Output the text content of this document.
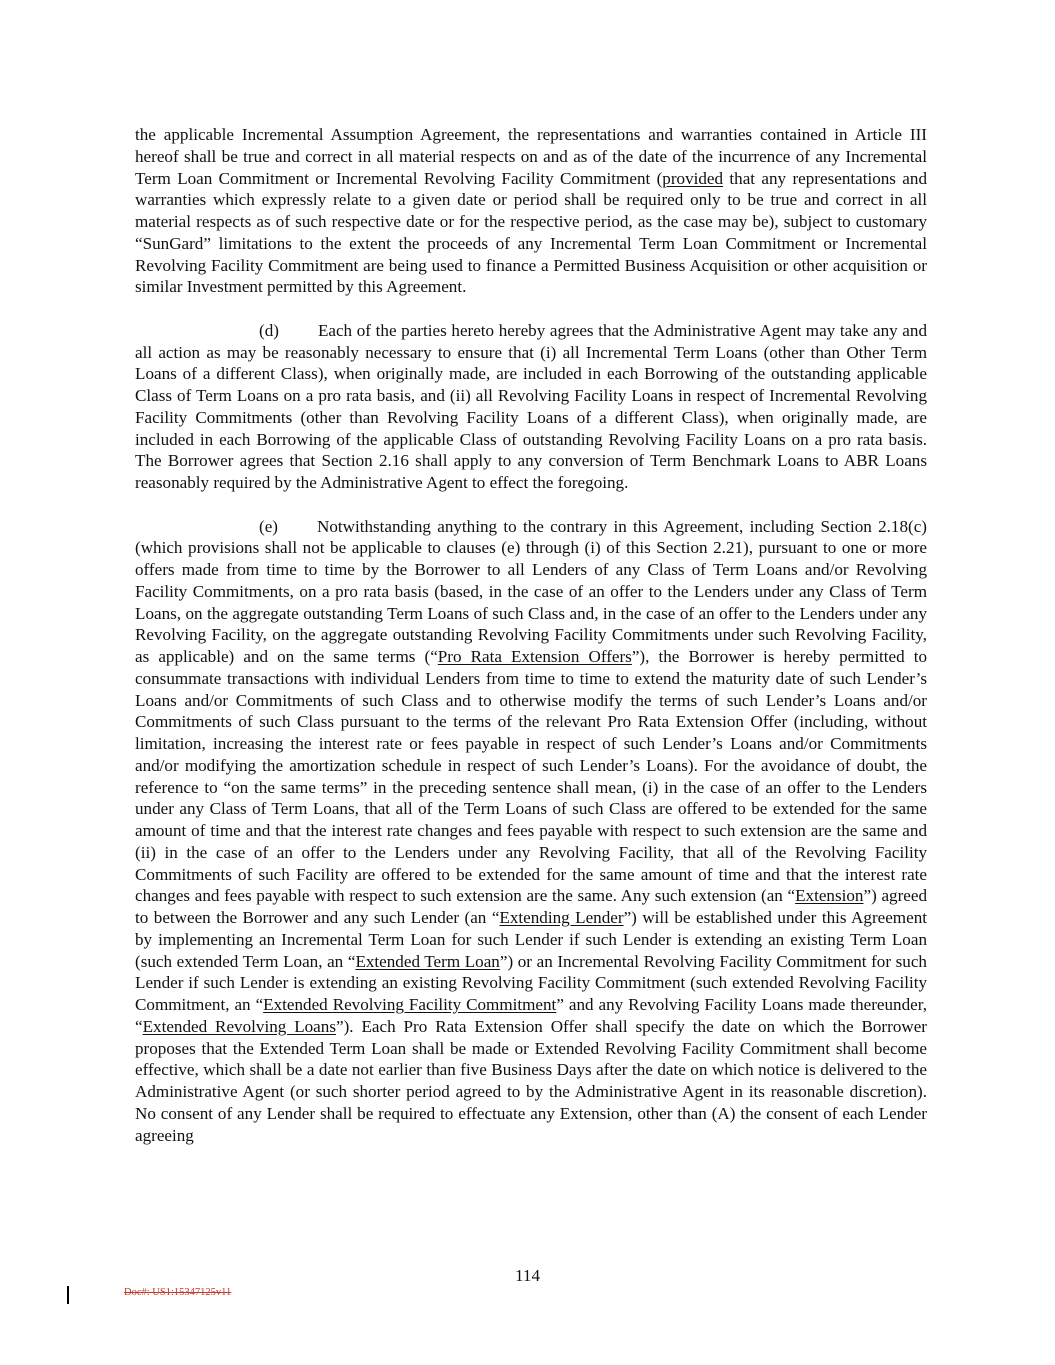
the applicable Incremental Assumption Agreement, the representations and warranties contained in Article III hereof shall be true and correct in all material respects on and as of the date of the incurrence of any Incremental Term Loan Commitment or Incremental Revolving Facility Commitment (provided that any representations and warranties which expressly relate to a given date or period shall be required only to be true and correct in all material respects as of such respective date or for the respective period, as the case may be), subject to customary “SunGard” limitations to the extent the proceeds of any Incremental Term Loan Commitment or Incremental Revolving Facility Commitment are being used to finance a Permitted Business Acquisition or other acquisition or similar Investment permitted by this Agreement.

(d) Each of the parties hereto hereby agrees that the Administrative Agent may take any and all action as may be reasonably necessary to ensure that (i) all Incremental Term Loans (other than Other Term Loans of a different Class), when originally made, are included in each Borrowing of the outstanding applicable Class of Term Loans on a pro rata basis, and (ii) all Revolving Facility Loans in respect of Incremental Revolving Facility Commitments (other than Revolving Facility Loans of a different Class), when originally made, are included in each Borrowing of the applicable Class of outstanding Revolving Facility Loans on a pro rata basis. The Borrower agrees that Section 2.16 shall apply to any conversion of Term Benchmark Loans to ABR Loans reasonably required by the Administrative Agent to effect the foregoing.

(e) Notwithstanding anything to the contrary in this Agreement, including Section 2.18(c) (which provisions shall not be applicable to clauses (e) through (i) of this Section 2.21), pursuant to one or more offers made from time to time by the Borrower to all Lenders of any Class of Term Loans and/or Revolving Facility Commitments, on a pro rata basis (based, in the case of an offer to the Lenders under any Class of Term Loans, on the aggregate outstanding Term Loans of such Class and, in the case of an offer to the Lenders under any Revolving Facility, on the aggregate outstanding Revolving Facility Commitments under such Revolving Facility, as applicable) and on the same terms (“Pro Rata Extension Offers”), the Borrower is hereby permitted to consummate transactions with individual Lenders from time to time to extend the maturity date of such Lender’s Loans and/or Commitments of such Class and to otherwise modify the terms of such Lender’s Loans and/or Commitments of such Class pursuant to the terms of the relevant Pro Rata Extension Offer (including, without limitation, increasing the interest rate or fees payable in respect of such Lender’s Loans and/or Commitments and/or modifying the amortization schedule in respect of such Lender’s Loans). For the avoidance of doubt, the reference to “on the same terms” in the preceding sentence shall mean, (i) in the case of an offer to the Lenders under any Class of Term Loans, that all of the Term Loans of such Class are offered to be extended for the same amount of time and that the interest rate changes and fees payable with respect to such extension are the same and (ii) in the case of an offer to the Lenders under any Revolving Facility, that all of the Revolving Facility Commitments of such Facility are offered to be extended for the same amount of time and that the interest rate changes and fees payable with respect to such extension are the same. Any such extension (an “Extension”) agreed to between the Borrower and any such Lender (an “Extending Lender”) will be established under this Agreement by implementing an Incremental Term Loan for such Lender if such Lender is extending an existing Term Loan (such extended Term Loan, an “Extended Term Loan”) or an Incremental Revolving Facility Commitment for such Lender if such Lender is extending an existing Revolving Facility Commitment (such extended Revolving Facility Commitment, an “Extended Revolving Facility Commitment” and any Revolving Facility Loans made thereunder, “Extended Revolving Loans”). Each Pro Rata Extension Offer shall specify the date on which the Borrower proposes that the Extended Term Loan shall be made or Extended Revolving Facility Commitment shall become effective, which shall be a date not earlier than five Business Days after the date on which notice is delivered to the Administrative Agent (or such shorter period agreed to by the Administrative Agent in its reasonable discretion). No consent of any Lender shall be required to effectuate any Extension, other than (A) the consent of each Lender agreeing

114
Doc#: US1:15347125v11
